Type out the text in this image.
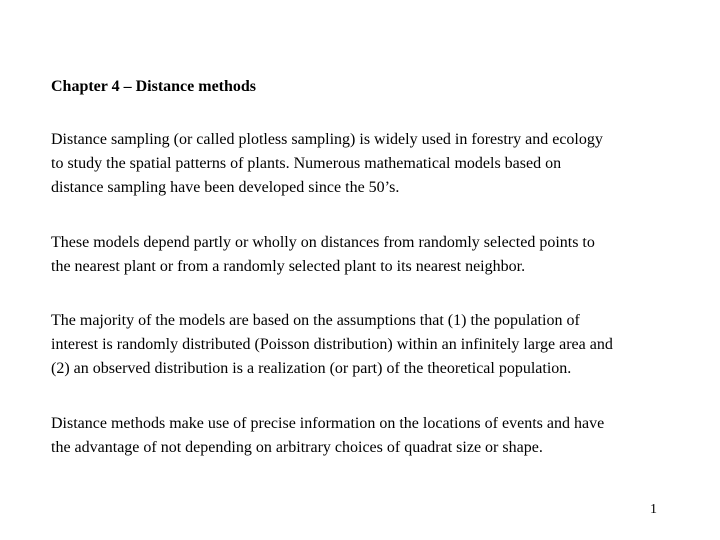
Chapter 4 – Distance methods

Distance sampling (or called plotless sampling) is widely used in forestry and ecology
to study the spatial patterns of plants. Numerous mathematical models based on
distance sampling have been developed since the 50’s.

These models depend partly or wholly on distances from randomly selected points to
the nearest plant or from a randomly selected plant to its nearest neighbor.

The majority of the models are based on the assumptions that (1) the population of
interest is randomly distributed (Poisson distribution) within an infinitely large area and
(2) an observed distribution is a realization (or part) of the theoretical population.

Distance methods make use of precise information on the locations of events and have
the advantage of not depending on arbitrary choices of quadrat size or shape.

1
